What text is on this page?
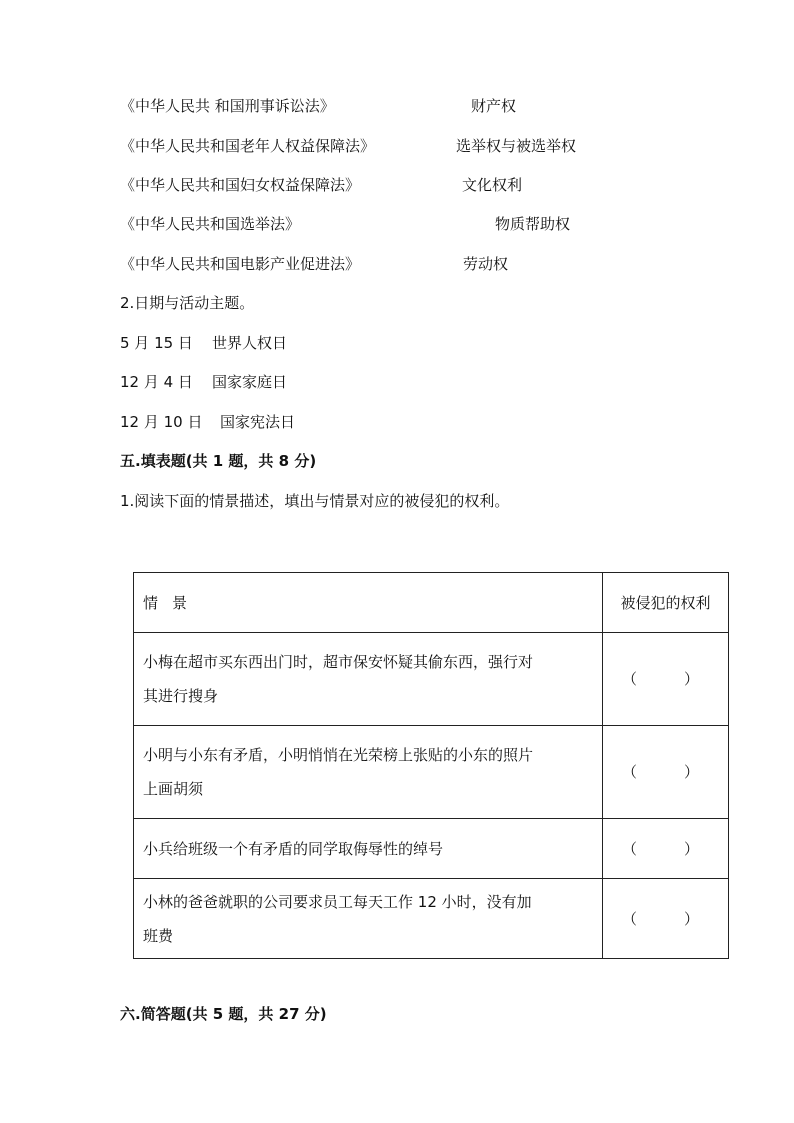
《中华人民共 和国刑事诉讼法》	财产权
《中华人民共和国老年人权益保障法》	选举权与被选举权
《中华人民共和国妇女权益保障法》	文化权利
《中华人民共和国选举法》	物质帮助权
《中华人民共和国电影产业促进法》	劳动权
2.日期与活动主题。
5 月 15 日 世界人权日
12 月 4 日 国家家庭日
12 月 10 日 国家宪法日
五.填表题(共 1 题，共 8 分)
1.阅读下面的情景描述，填出与情景对应的被侵犯的权利。
情景	被侵犯的权利

小梅在超市买东西出门时，超市保安怀疑其偷东西，强行对
其进行搜身	（ ）

小明与小东有矛盾，小明悄悄在光荣榜上张贴的小东的照片
上画胡须	（ ）

小兵给班级一个有矛盾的同学取侮辱性的绰号	（ ）

小林的爸爸就职的公司要求员工每天工作 12 小时，没有加
班费	（ ）
六.简答题(共 5 题，共 27 分)
